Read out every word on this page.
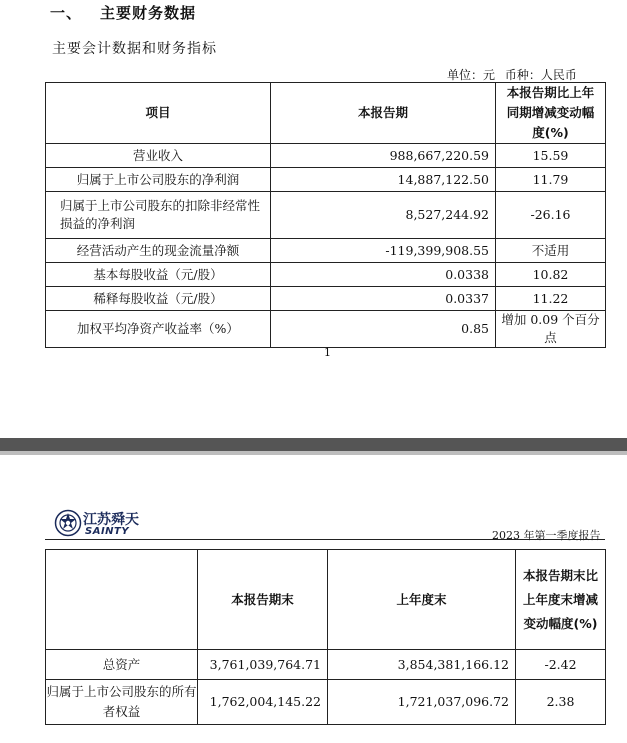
一、 主要财务数据
主要会计数据和财务指标
单位：元 币种：人民币
项目	本报告期	本报告期比上年同期增减变动幅度(%)
营业收入	988,667,220.59	15.59
归属于上市公司股东的净利润	14,887,122.50	11.79
归属于上市公司股东的扣除非经常性损益的净利润	8,527,244.92	-26.16
经营活动产生的现金流量净额	-119,399,908.55	不适用
基本每股收益（元/股）	0.0338	10.82
稀释每股收益（元/股）	0.0337	11.22
加权平均净资产收益率（%）	0.85	增加 0.09 个百分点
1
江苏舜天
SAINTY	2023 年第一季度报告
	本报告期末	上年度末	本报告期末比上年度末增减变动幅度(%)
总资产	3,761,039,764.71	3,854,381,166.12	-2.42
归属于上市公司股东的所有者权益	1,762,004,145.22	1,721,037,096.72	2.38
